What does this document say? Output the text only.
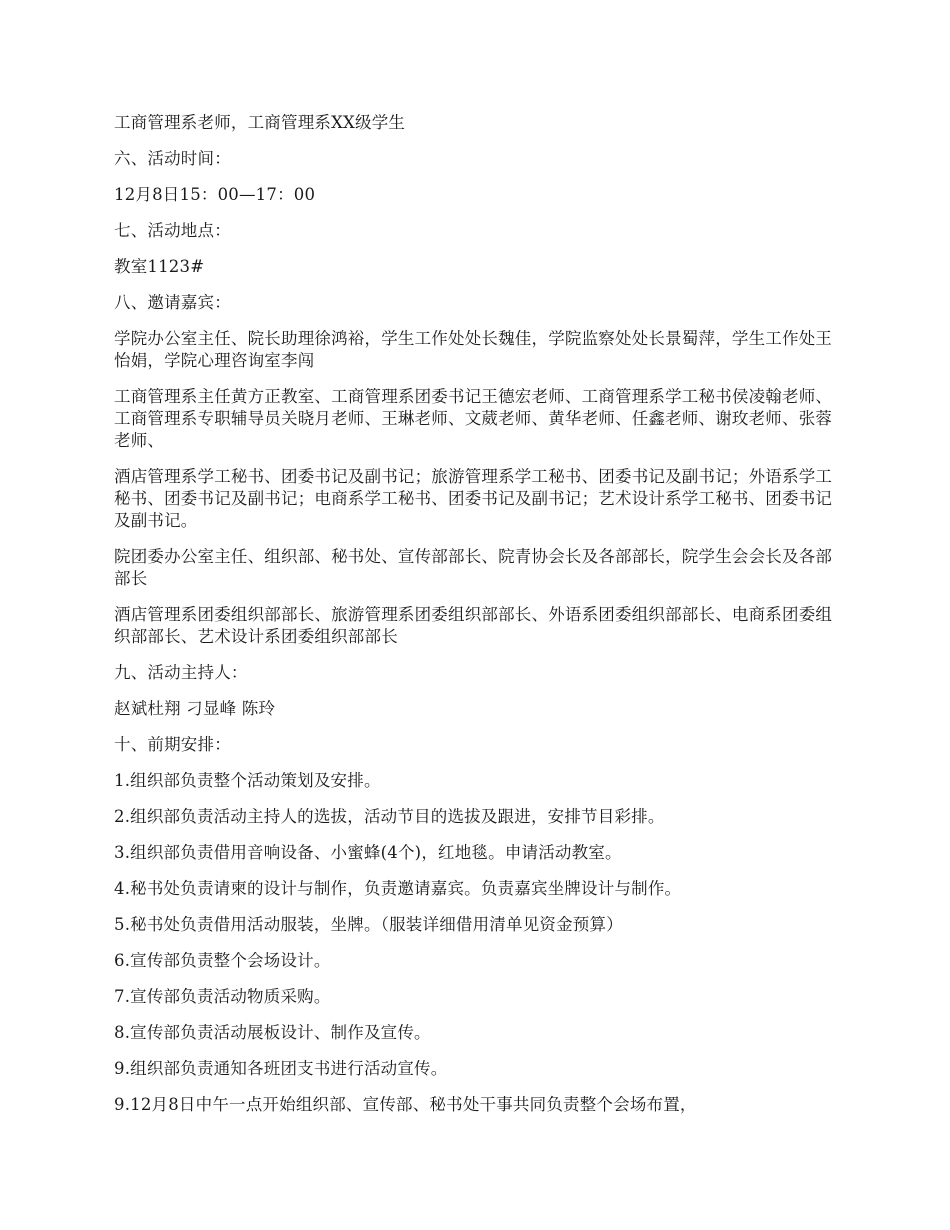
工商管理系老师，工商管理系XX级学生

六、活动时间：

12月8日15：00—17：00

七、活动地点：

教室1123#

八、邀请嘉宾：

学院办公室主任、院长助理徐鸿裕，学生工作处处长魏佳，学院监察处处长景蜀萍，学生工作处王怡娟，学院心理咨询室李闯

工商管理系主任黄方正教室、工商管理系团委书记王德宏老师、工商管理系学工秘书侯凌翰老师、工商管理系专职辅导员关晓月老师、王琳老师、文葳老师、黄华老师、任鑫老师、谢玫老师、张蓉老师、

酒店管理系学工秘书、团委书记及副书记；旅游管理系学工秘书、团委书记及副书记；外语系学工秘书、团委书记及副书记；电商系学工秘书、团委书记及副书记；艺术设计系学工秘书、团委书记及副书记。

院团委办公室主任、组织部、秘书处、宣传部部长、院青协会长及各部部长，院学生会会长及各部部长

酒店管理系团委组织部部长、旅游管理系团委组织部部长、外语系团委组织部部长、电商系团委组织部部长、艺术设计系团委组织部部长

九、活动主持人：

赵斌杜翔 刁显峰 陈玲

十、前期安排：

1.组织部负责整个活动策划及安排。

2.组织部负责活动主持人的选拔，活动节目的选拔及跟进，安排节目彩排。

3.组织部负责借用音响设备、小蜜蜂(4个)，红地毯。申请活动教室。

4.秘书处负责请柬的设计与制作，负责邀请嘉宾。负责嘉宾坐牌设计与制作。

5.秘书处负责借用活动服装，坐牌。（服装详细借用清单见资金预算）

6.宣传部负责整个会场设计。

7.宣传部负责活动物质采购。

8.宣传部负责活动展板设计、制作及宣传。

9.组织部负责通知各班团支书进行活动宣传。

9.12月8日中午一点开始组织部、宣传部、秘书处干事共同负责整个会场布置，
